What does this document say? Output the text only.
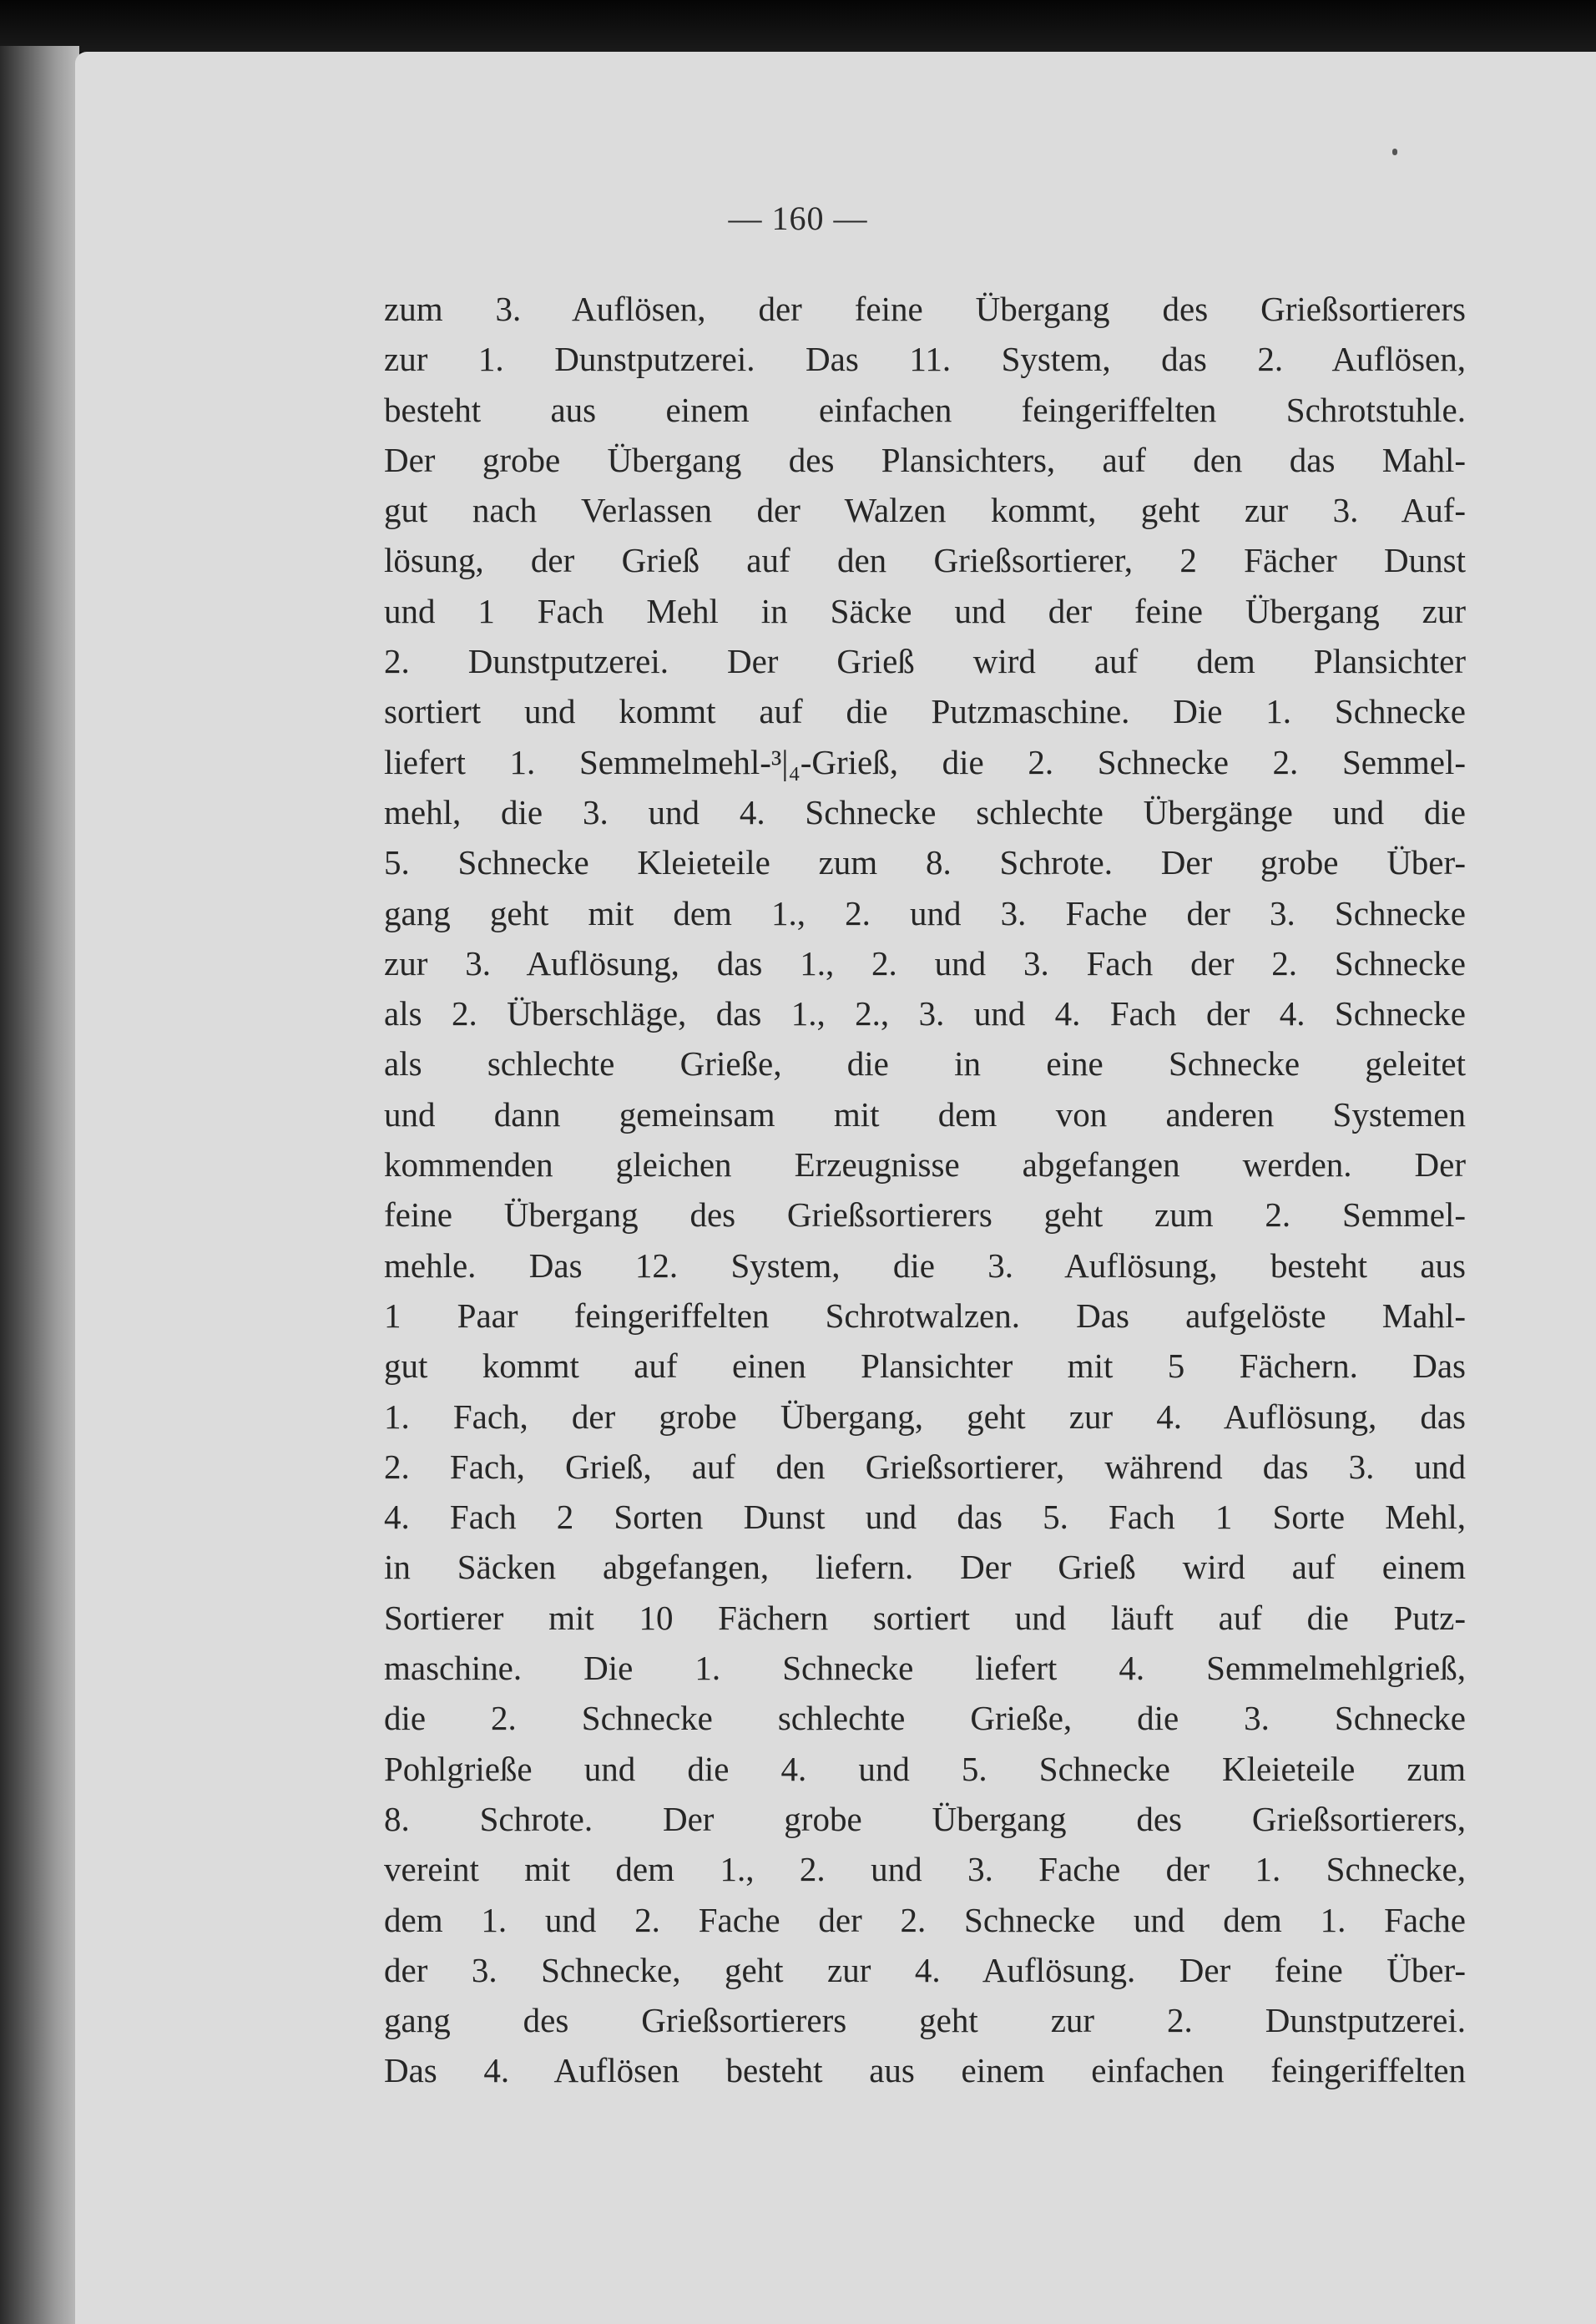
— 160 —
zum 3. Auflösen, der feine Übergang des Grießsortierers
zur 1. Dunstputzerei. Das 11. System, das 2. Auflösen,
besteht aus einem einfachen feingeriffelten Schrotstuhle.
Der grobe Übergang des Plansichters, auf den das Mahl-
gut nach Verlassen der Walzen kommt, geht zur 3. Auf-
lösung, der Grieß auf den Grießsortierer, 2 Fächer Dunst
und 1 Fach Mehl in Säcke und der feine Übergang zur
2. Dunstputzerei. Der Grieß wird auf dem Plansichter
sortiert und kommt auf die Putzmaschine. Die 1. Schnecke
liefert 1. Semmelmehl-³|₄-Grieß, die 2. Schnecke 2. Semmel-
mehl, die 3. und 4. Schnecke schlechte Übergänge und die
5. Schnecke Kleieteile zum 8. Schrote. Der grobe Über-
gang geht mit dem 1., 2. und 3. Fache der 3. Schnecke
zur 3. Auflösung, das 1., 2. und 3. Fach der 2. Schnecke
als 2. Überschläge, das 1., 2., 3. und 4. Fach der 4. Schnecke
als schlechte Grieße, die in eine Schnecke geleitet
und dann gemeinsam mit dem von anderen Systemen
kommenden gleichen Erzeugnisse abgefangen werden. Der
feine Übergang des Grießsortierers geht zum 2. Semmel-
mehle. Das 12. System, die 3. Auflösung, besteht aus
1 Paar feingeriffelten Schrotwalzen. Das aufgelöste Mahl-
gut kommt auf einen Plansichter mit 5 Fächern. Das
1. Fach, der grobe Übergang, geht zur 4. Auflösung, das
2. Fach, Grieß, auf den Grießsortierer, während das 3. und
4. Fach 2 Sorten Dunst und das 5. Fach 1 Sorte Mehl,
in Säcken abgefangen, liefern. Der Grieß wird auf einem
Sortierer mit 10 Fächern sortiert und läuft auf die Putz-
maschine. Die 1. Schnecke liefert 4. Semmelmehlgrieß,
die 2. Schnecke schlechte Grieße, die 3. Schnecke
Pohlgrieße und die 4. und 5. Schnecke Kleieteile zum
8. Schrote. Der grobe Übergang des Grießsortierers,
vereint mit dem 1., 2. und 3. Fache der 1. Schnecke,
dem 1. und 2. Fache der 2. Schnecke und dem 1. Fache
der 3. Schnecke, geht zur 4. Auflösung. Der feine Über-
gang des Grießsortierers geht zur 2. Dunstputzerei.
Das 4. Auflösen besteht aus einem einfachen feingeriffelten
